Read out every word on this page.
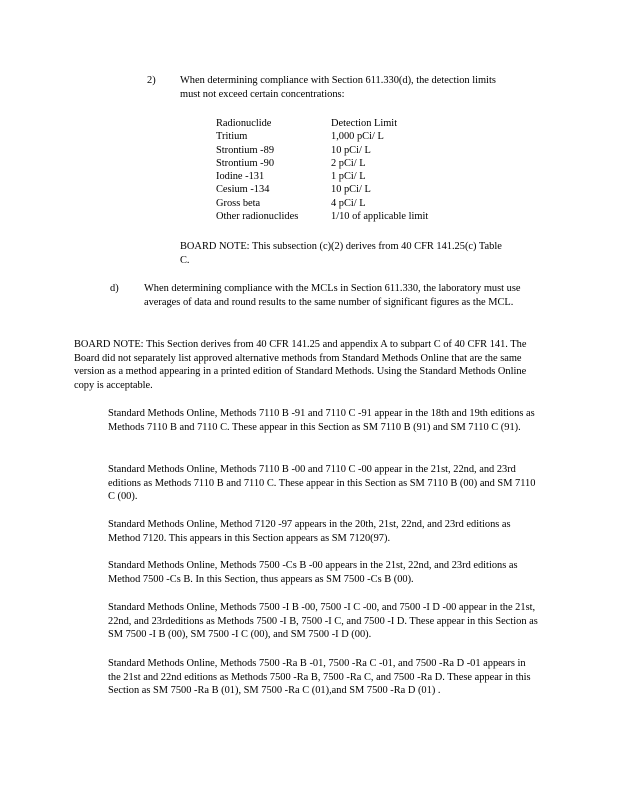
2) When determining compliance with Section 611.330(d), the detection limits must not exceed certain concentrations:

Radionuclide	Detection Limit
Tritium	1,000 pCi/ L
Strontium -89	10 pCi/ L
Strontium -90	2 pCi/ L
Iodine -131	1 pCi/ L
Cesium -134	10 pCi/ L
Gross beta	4 pCi/ L
Other radionuclides	1/10 of applicable limit

BOARD NOTE: This subsection (c)(2) derives from 40 CFR 141.25(c) Table C.

d) When determining compliance with the MCLs in Section 611.330, the laboratory must use averages of data and round results to the same number of significant figures as the MCL.

BOARD NOTE: This Section derives from 40 CFR 141.25 and appendix A to subpart C of 40 CFR 141. The Board did not separately list approved alternative methods from Standard Methods Online that are the same version as a method appearing in a printed edition of Standard Methods. Using the Standard Methods Online copy is acceptable.

Standard Methods Online, Methods 7110 B -91 and 7110 C -91 appear in the 18th and 19th editions as Methods 7110 B and 7110 C. These appear in this Section as SM 7110 B (91) and SM 7110 C (91).

Standard Methods Online, Methods 7110 B -00 and 7110 C -00 appear in the 21st, 22nd, and 23rd editions as Methods 7110 B and 7110 C. These appear in this Section as SM 7110 B (00) and SM 7110 C (00).

Standard Methods Online, Method 7120 -97 appears in the 20th, 21st, 22nd, and 23rd editions as Method 7120. This appears in this Section appears as SM 7120(97).

Standard Methods Online, Methods 7500 -Cs B -00 appears in the 21st, 22nd, and 23rd editions as Method 7500 -Cs B. In this Section, thus appears as SM 7500 -Cs B (00).

Standard Methods Online, Methods 7500 -I B -00, 7500 -I C -00, and 7500 -I D -00 appear in the 21st, 22nd, and 23rdeditions as Methods 7500 -I B, 7500 -I C, and 7500 -I D. These appear in this Section as SM 7500 -I B (00), SM 7500 -I C (00), and SM 7500 -I D (00).

Standard Methods Online, Methods 7500 -Ra B -01, 7500 -Ra C -01, and 7500 -Ra D -01 appears in the 21st and 22nd editions as Methods 7500 -Ra B, 7500 -Ra C, and 7500 -Ra D. These appear in this Section as SM 7500 -Ra B (01), SM 7500 -Ra C (01),and SM 7500 -Ra D (01) .
